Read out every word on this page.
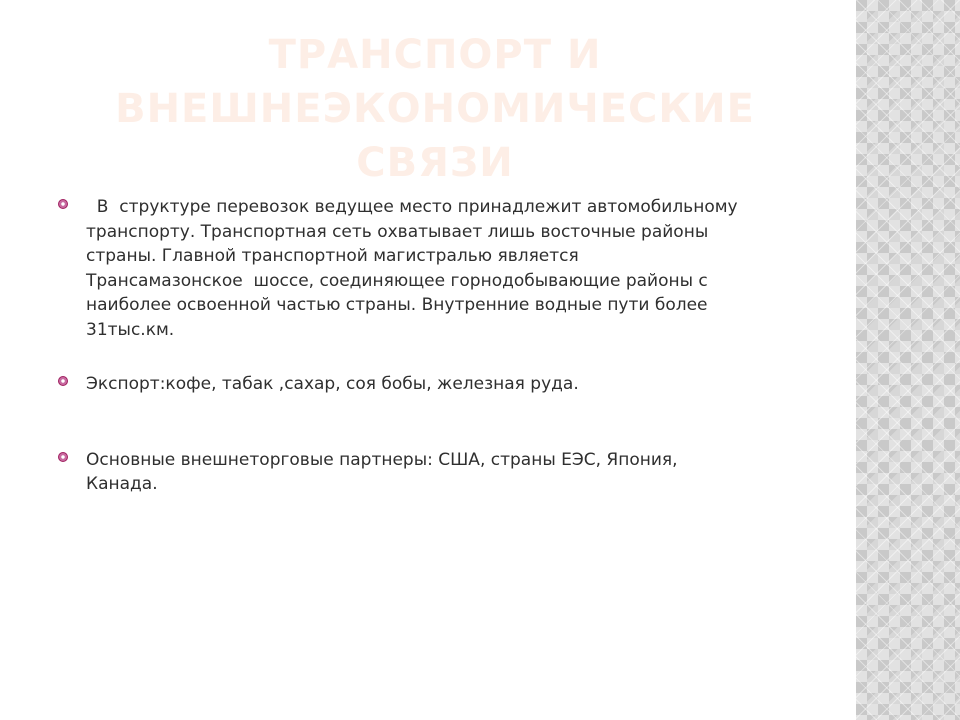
ТРАНСПОРТ И
ВНЕШНЕЭКОНОМИЧЕСКИЕ СВЯЗИ
В  структуре перевозок ведущее место принадлежит автомобильному
транспорту. Транспортная сеть охватывает лишь восточные районы
страны. Главной транспортной магистралью является
Трансамазонское  шоссе, соединяющее горнодобывающие районы с
наиболее освоенной частью страны. Внутренние водные пути более
31тыс.км.
Экспорт:кофе, табак ,сахар, соя бобы, железная руда.
Основные внешнеторговые партнеры: США, страны ЕЭС, Япония,
Канада.
